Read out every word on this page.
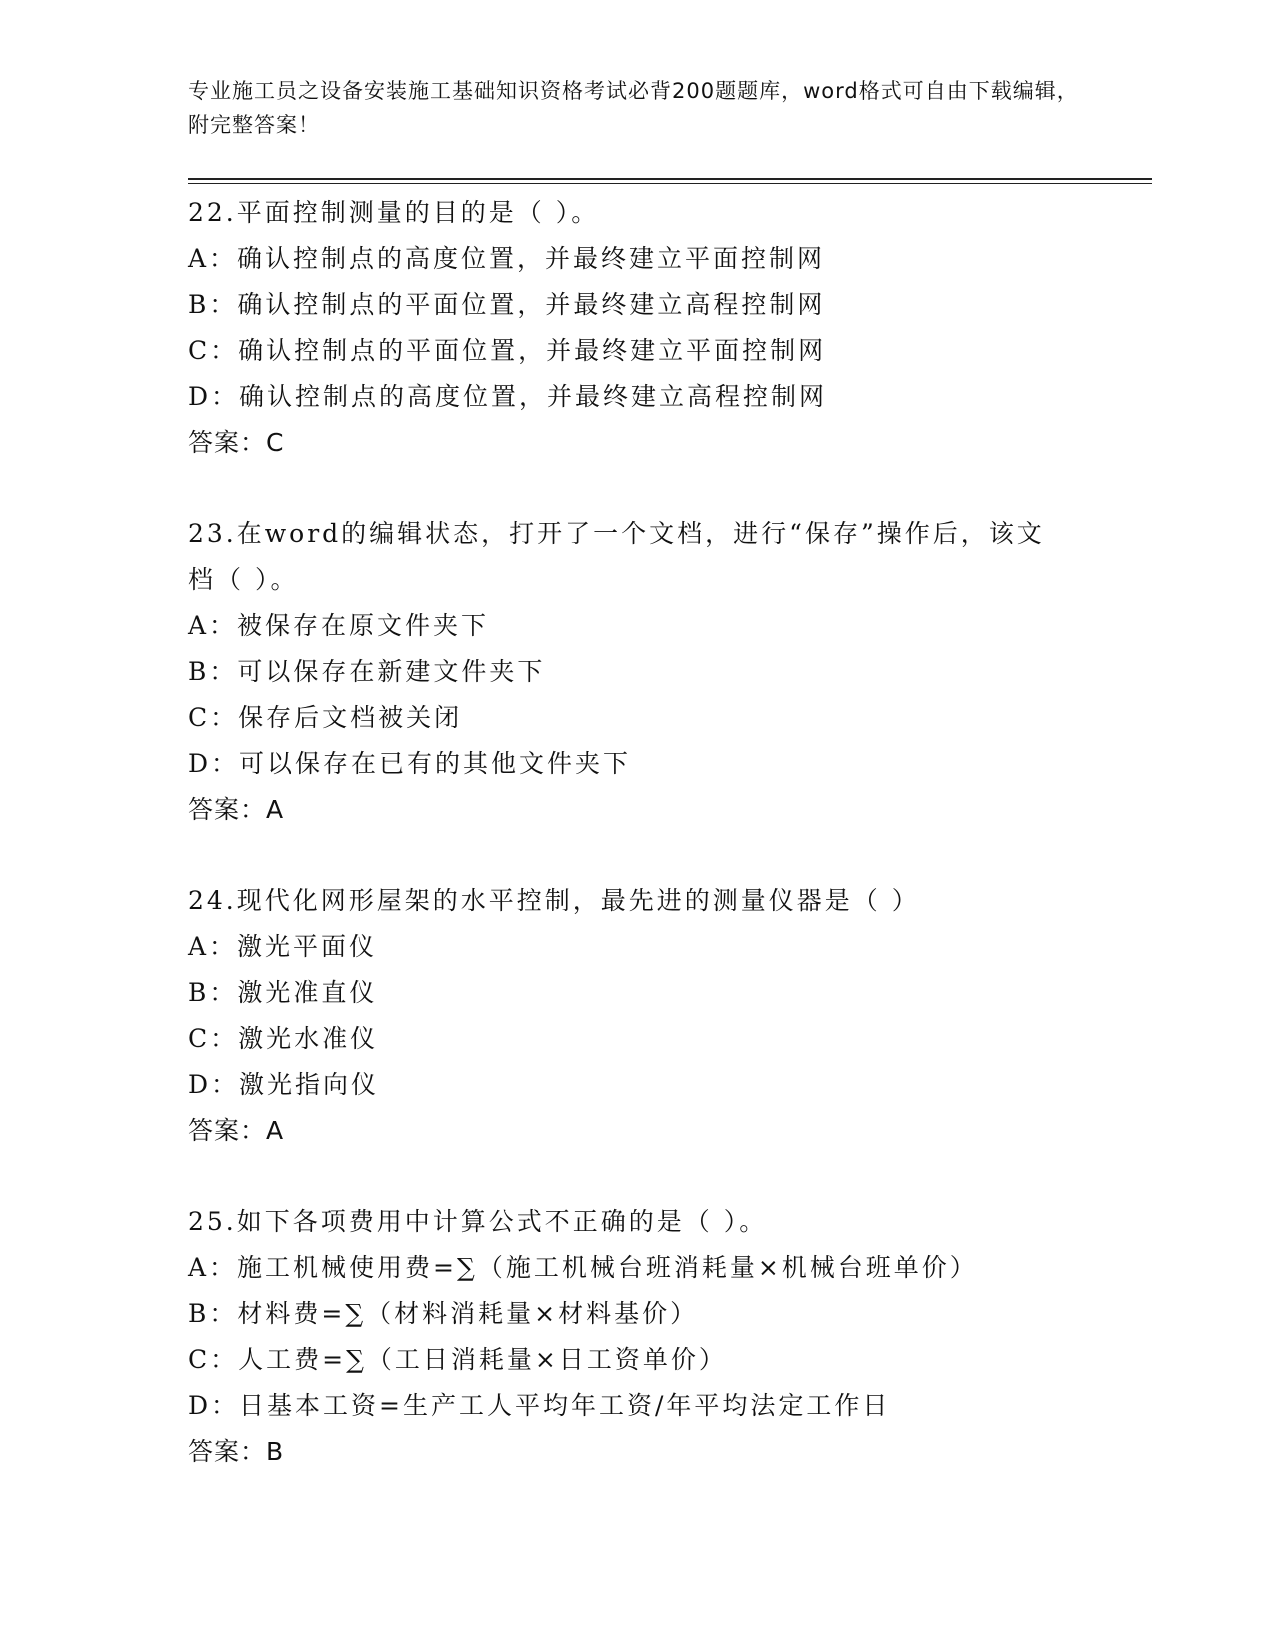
专业施工员之设备安装施工基础知识资格考试必背200题题库，word格式可自由下载编辑，附完整答案！
22.平面控制测量的目的是（ ）。
A：确认控制点的高度位置，并最终建立平面控制网
B：确认控制点的平面位置，并最终建立高程控制网
C：确认控制点的平面位置，并最终建立平面控制网
D：确认控制点的高度位置，并最终建立高程控制网
答案：C
23.在word的编辑状态，打开了一个文档，进行“保存”操作后，该文档（ ）。
A：被保存在原文件夹下
B：可以保存在新建文件夹下
C：保存后文档被关闭
D：可以保存在已有的其他文件夹下
答案：A
24.现代化网形屋架的水平控制，最先进的测量仪器是（ ）
A：激光平面仪
B：激光准直仪
C：激光水准仪
D：激光指向仪
答案：A
25.如下各项费用中计算公式不正确的是（ ）。
A：施工机械使用费=∑（施工机械台班消耗量×机械台班单价）
B：材料费=∑（材料消耗量×材料基价）
C：人工费=∑（工日消耗量×日工资单价）
D：日基本工资=生产工人平均年工资/年平均法定工作日
答案：B
